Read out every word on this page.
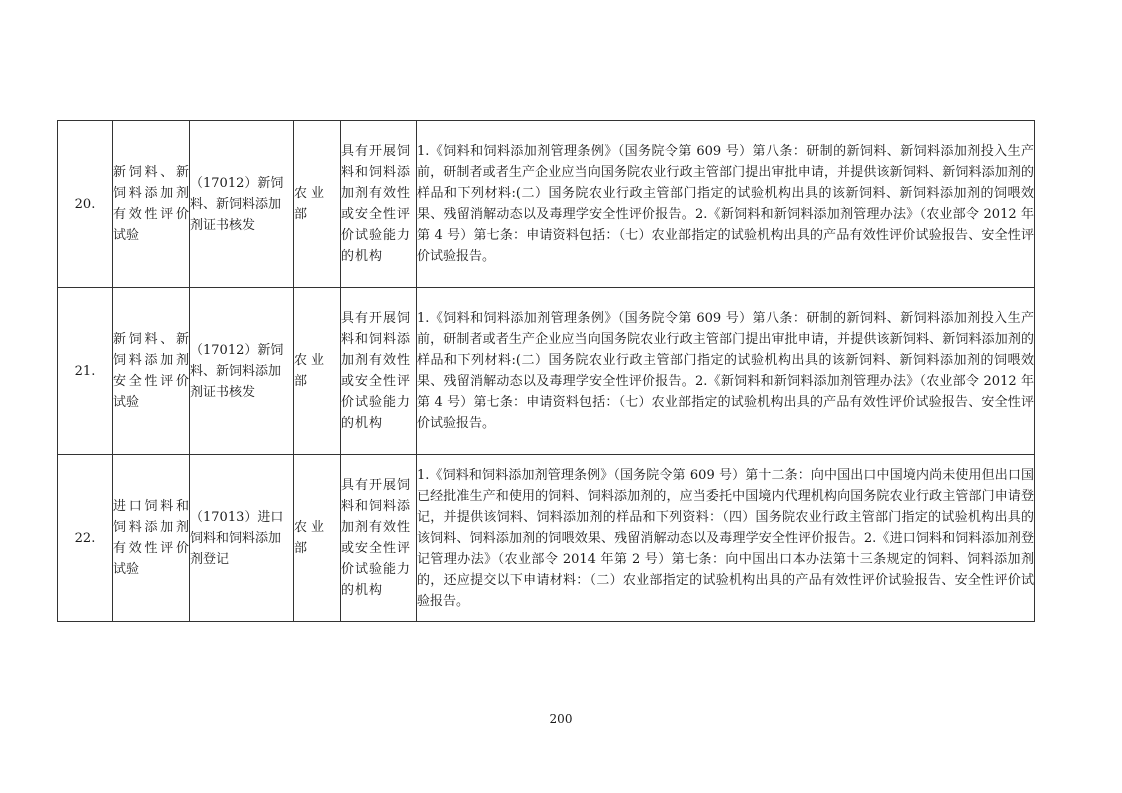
20.	新饲料、新饲料添加剂有效性评价试验	（17012）新饲料、新饲料添加剂证书核发	农业部	具有开展饲料和饲料添加剂有效性或安全性评价试验能力的机构	1.《饲料和饲料添加剂管理条例》（国务院令第 609 号）第八条：研制的新饲料、新饲料添加剂投入生产前，研制者或者生产企业应当向国务院农业行政主管部门提出审批申请，并提供该新饲料、新饲料添加剂的样品和下列材料:(二）国务院农业行政主管部门指定的试验机构出具的该新饲料、新饲料添加剂的饲喂效果、残留消解动态以及毒理学安全性评价报告。2.《新饲料和新饲料添加剂管理办法》（农业部令 2012 年第 4 号）第七条：申请资料包括：（七）农业部指定的试验机构出具的产品有效性评价试验报告、安全性评价试验报告。
21.	新饲料、新饲料添加剂安全性评价试验	（17012）新饲料、新饲料添加剂证书核发	农业部	具有开展饲料和饲料添加剂有效性或安全性评价试验能力的机构	1.《饲料和饲料添加剂管理条例》（国务院令第 609 号）第八条：研制的新饲料、新饲料添加剂投入生产前，研制者或者生产企业应当向国务院农业行政主管部门提出审批申请，并提供该新饲料、新饲料添加剂的样品和下列材料:(二）国务院农业行政主管部门指定的试验机构出具的该新饲料、新饲料添加剂的饲喂效果、残留消解动态以及毒理学安全性评价报告。2.《新饲料和新饲料添加剂管理办法》（农业部令 2012 年第 4 号）第七条：申请资料包括：（七）农业部指定的试验机构出具的产品有效性评价试验报告、安全性评价试验报告。
22.	进口饲料和饲料添加剂有效性评价试验	（17013）进口饲料和饲料添加剂登记	农业部	具有开展饲料和饲料添加剂有效性或安全性评价试验能力的机构	1.《饲料和饲料添加剂管理条例》（国务院令第 609 号）第十二条：向中国出口中国境内尚未使用但出口国已经批准生产和使用的饲料、饲料添加剂的，应当委托中国境内代理机构向国务院农业行政主管部门申请登记，并提供该饲料、饲料添加剂的样品和下列资料：（四）国务院农业行政主管部门指定的试验机构出具的该饲料、饲料添加剂的饲喂效果、残留消解动态以及毒理学安全性评价报告。2.《进口饲料和饲料添加剂登记管理办法》（农业部令 2014 年第 2 号）第七条：向中国出口本办法第十三条规定的饲料、饲料添加剂的，还应提交以下申请材料：（二）农业部指定的试验机构出具的产品有效性评价试验报告、安全性评价试验报告。
200
